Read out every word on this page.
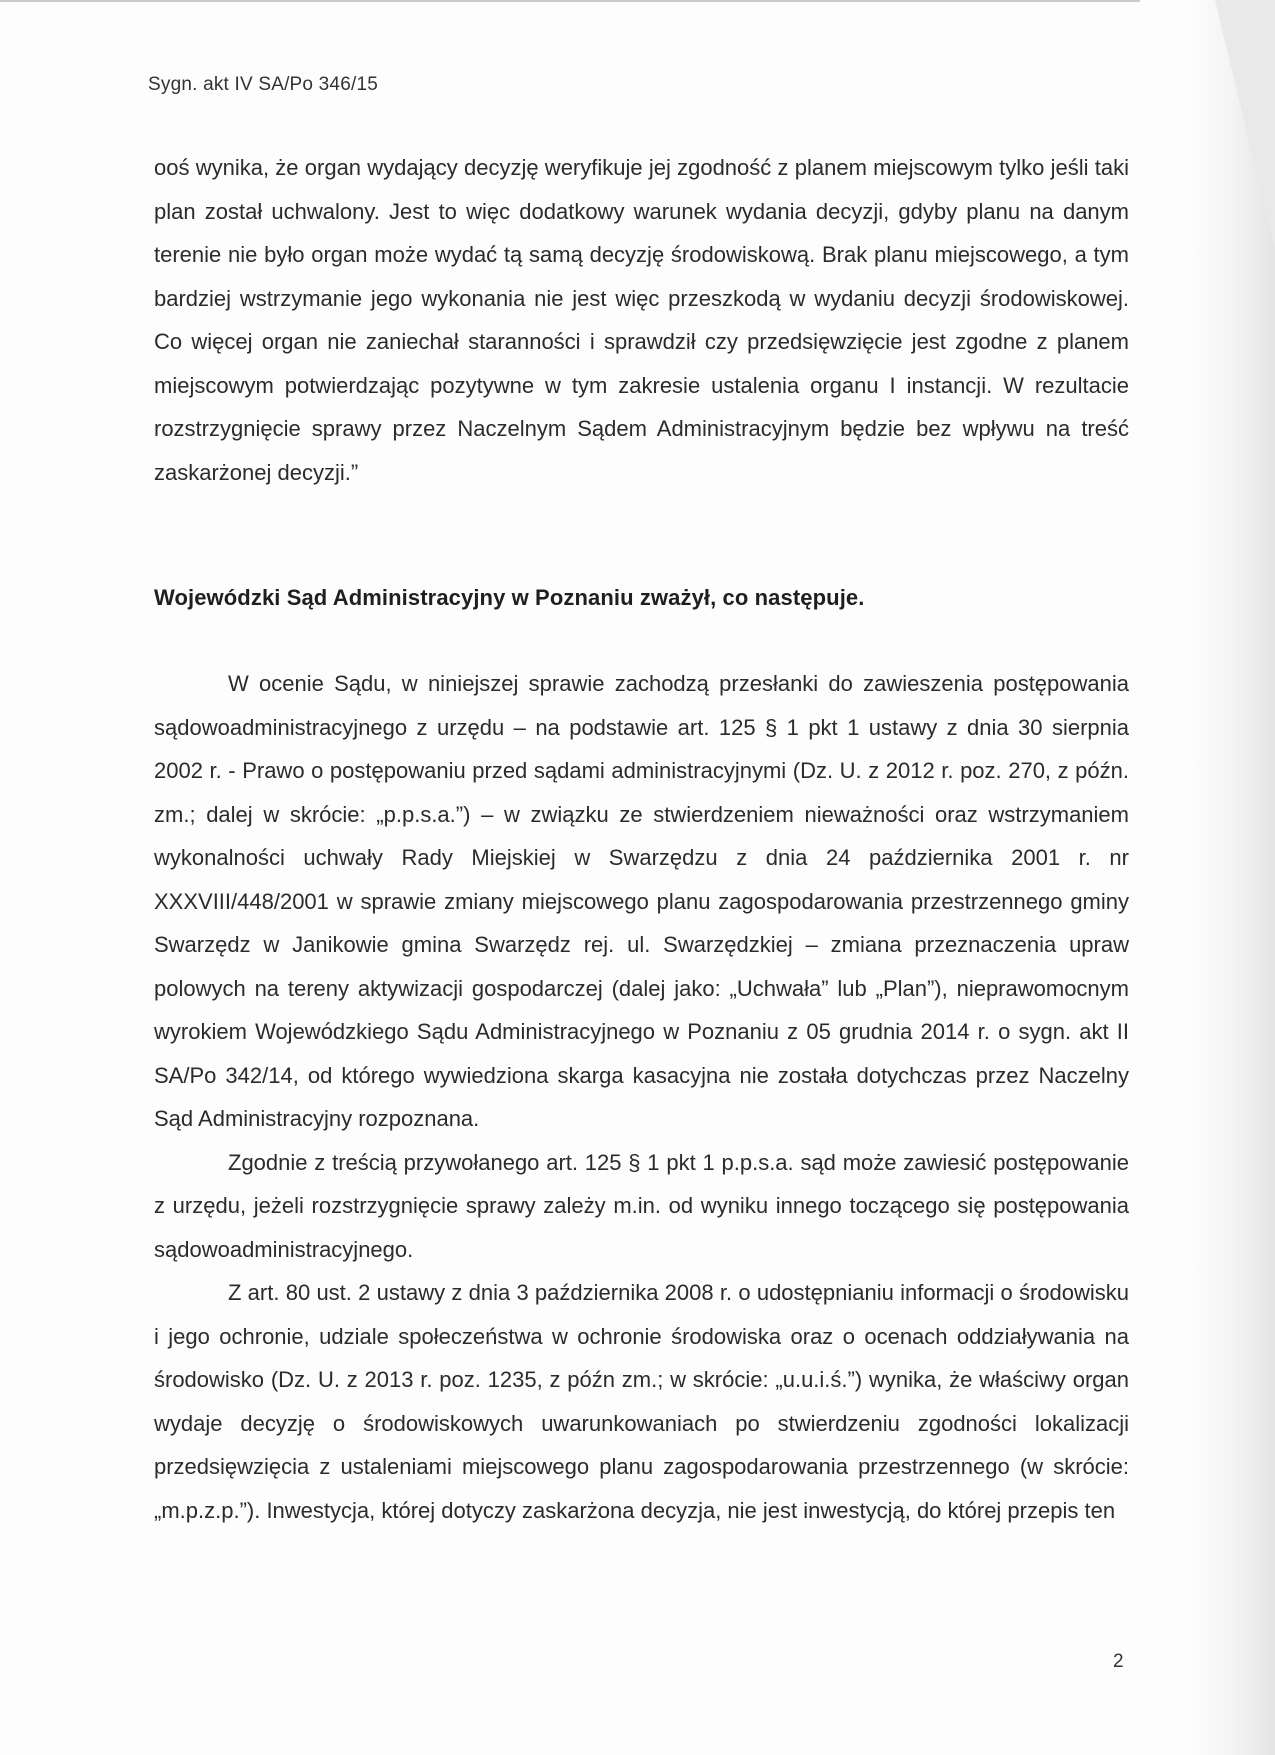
Sygn. akt IV SA/Po 346/15

ooś wynika, że organ wydający decyzję weryfikuje jej zgodność z planem miejscowym tylko jeśli taki plan został uchwalony. Jest to więc dodatkowy warunek wydania decyzji, gdyby planu na danym terenie nie było organ może wydać tą samą decyzję środowiskową. Brak planu miejscowego, a tym bardziej wstrzymanie jego wykonania nie jest więc przeszkodą w wydaniu decyzji środowiskowej. Co więcej organ nie zaniechał staranności i sprawdził czy przedsięwzięcie jest zgodne z planem miejscowym potwierdzając pozytywne w tym zakresie ustalenia organu I instancji. W rezultacie rozstrzygnięcie sprawy przez Naczelnym Sądem Administracyjnym będzie bez wpływu na treść zaskarżonej decyzji.”

Wojewódzki Sąd Administracyjny w Poznaniu zważył, co następuje.

W ocenie Sądu, w niniejszej sprawie zachodzą przesłanki do zawieszenia postępowania sądowoadministracyjnego z urzędu – na podstawie art. 125 § 1 pkt 1 ustawy z dnia 30 sierpnia 2002 r. - Prawo o postępowaniu przed sądami administracyjnymi (Dz. U. z 2012 r. poz. 270, z późn. zm.; dalej w skrócie: „p.p.s.a.”) – w związku ze stwierdzeniem nieważności oraz wstrzymaniem wykonalności uchwały Rady Miejskiej w Swarzędzu z dnia 24 października 2001 r. nr XXXVIII/448/2001 w sprawie zmiany miejscowego planu zagospodarowania przestrzennego gminy Swarzędz w Janikowie gmina Swarzędz rej. ul. Swarzędzkiej – zmiana przeznaczenia upraw polowych na tereny aktywizacji gospodarczej (dalej jako: „Uchwała” lub „Plan”), nieprawomocnym wyrokiem Wojewódzkiego Sądu Administracyjnego w Poznaniu z 05 grudnia 2014 r. o sygn. akt II SA/Po 342/14, od którego wywiedziona skarga kasacyjna nie została dotychczas przez Naczelny Sąd Administracyjny rozpoznana.

Zgodnie z treścią przywołanego art. 125 § 1 pkt 1 p.p.s.a. sąd może zawiesić postępowanie z urzędu, jeżeli rozstrzygnięcie sprawy zależy m.in. od wyniku innego toczącego się postępowania sądowoadministracyjnego.

Z art. 80 ust. 2 ustawy z dnia 3 października 2008 r. o udostępnianiu informacji o środowisku i jego ochronie, udziale społeczeństwa w ochronie środowiska oraz o ocenach oddziaływania na środowisko (Dz. U. z 2013 r. poz. 1235, z późn zm.; w skrócie: „u.u.i.ś.”) wynika, że właściwy organ wydaje decyzję o środowiskowych uwarunkowaniach po stwierdzeniu zgodności lokalizacji przedsięwzięcia z ustaleniami miejscowego planu zagospodarowania przestrzennego (w skrócie: „m.p.z.p.”). Inwestycja, której dotyczy zaskarżona decyzja, nie jest inwestycją, do której przepis ten

2
